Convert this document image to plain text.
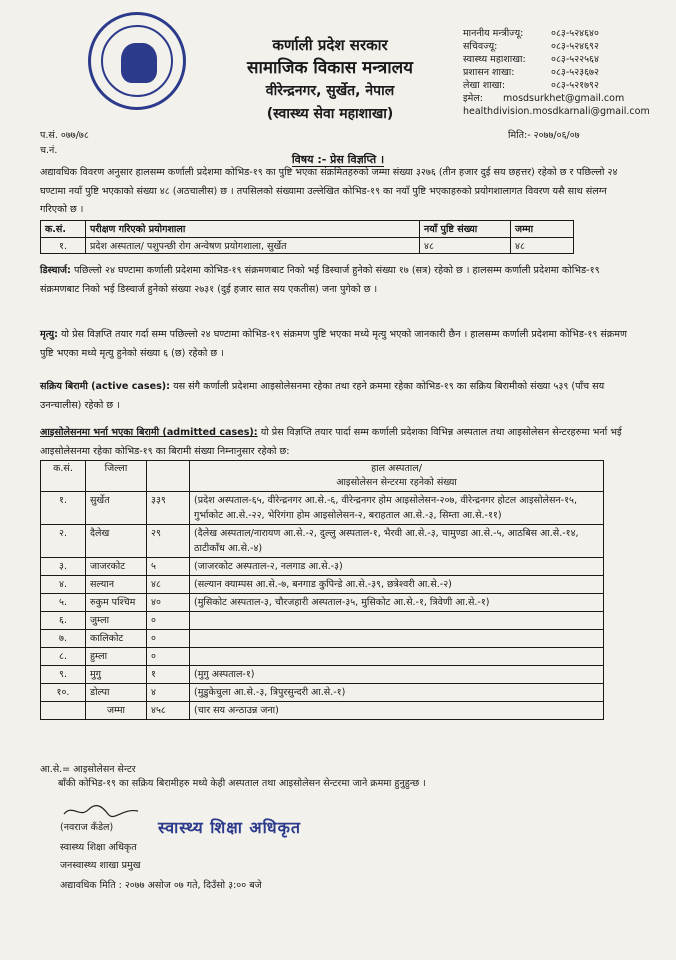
कर्णाली प्रदेश सरकार
सामाजिक विकास मन्त्रालय
वीरेन्द्रनगर, सुर्खेत, नेपाल
(स्वास्थ्य सेवा महाशाखा)
माननीय मन्त्रीज्यू:	०८३-५२४६४०
सचिवज्यू:	०८३-५२४६९२
स्वास्थ्य महाशाखा:	०८३-५२२५६४
प्रशासन शाखा:	०८३-५२३६७२
लेखा शाखा:	०८३-५२१७९२
इमेल:	mosdsurkhet@gmail.com
healthdivision.mosdkarnali@gmail.com
प.सं. ०७७/७८
च.नं.
मिति:- २०७७/०६/०७
विषय :- प्रेस विज्ञप्ति ।
अद्यावधिक विवरण अनुसार हालसम्म कर्णाली प्रदेशमा कोभिड-१९ का पुष्टि भएका संक्रमितहरुको जम्मा संख्या ३२७६ (तीन हजार दुई सय छहत्तर) रहेको छ र पछिल्लो २४ घण्टामा नयाँ पुष्टि भएकाको संख्या ४८ (अठचालीस) छ । तपसिलको संख्यामा उल्लेखित कोभिड-१९ का नयाँ पुष्टि भएकाहरुको प्रयोगशालागत विवरण यसै साथ संलग्न गरिएको छ ।
क.सं.	परीक्षण गरिएको प्रयोगशाला	नयाँ पुष्टि संख्या	जम्मा
१.	प्रदेश अस्पताल/ पशुपन्छी रोग अन्वेषण प्रयोगशाला, सुर्खेत	४८	४८
डिस्चार्ज: पछिल्लो २४ घण्टामा कर्णाली प्रदेशमा कोभिड-१९ संक्रमणबाट निको भई डिस्चार्ज हुनेको संख्या १७ (सत्र) रहेको छ । हालसम्म कर्णाली प्रदेशमा कोभिड-१९ संक्रमणबाट निको भई डिस्चार्ज हुनेको संख्या २७३१ (दुई हजार सात सय एकतीस) जना पुगेको छ ।
मृत्यु: यो प्रेस विज्ञप्ति तयार गर्दा सम्म पछिल्लो २४ घण्टामा कोभिड-१९ संक्रमण पुष्टि भएका मध्ये मृत्यु भएको जानकारी छैन । हालसम्म कर्णाली प्रदेशमा कोभिड-१९ संक्रमण पुष्टि भएका मध्ये मृत्यु हुनेको संख्या ६ (छ) रहेको छ ।
सक्रिय बिरामी (active cases): यस संगै कर्णाली प्रदेशमा आइसोलेसनमा रहेका तथा रहने क्रममा रहेका कोभिड-१९ का सक्रिय बिरामीको संख्या ५३९ (पाँच सय उनन्चालीस) रहेको छ ।
आइसोलेसनमा भर्ना भएका बिरामी (admitted cases): यो प्रेस विज्ञप्ति तयार पार्दा सम्म कर्णाली प्रदेशका विभिन्न अस्पताल तथा आइसोलेसन सेन्टरहरुमा भर्ना भई आइसोलेसनमा रहेका कोभिड-१९ का बिरामी संख्या निम्नानुसार रहेको छ:
क.सं.	जिल्ला		हाल अस्पताल/
आइसोलेसन सेन्टरमा रहनेको संख्या

१.	सुर्खेत	३३९	(प्रदेश अस्पताल-६५, वीरेन्द्रनगर आ.से.-६, वीरेन्द्रनगर होम आइसोलेसन-२०७, वीरेन्द्रनगर होटल आइसोलेसन-१५, गुर्भाकोट आ.से.-२२, भेरिगंगा होम आइसोलेसन-२, बराहताल आ.से.-३, सिम्ता आ.से.-११)
२.	दैलेख	२९	(दैलेख अस्पताल/नारायण आ.से.-२, दुल्लु अस्पताल-१, भैरवी आ.से.-३, चामुण्डा आ.से.-५, आठबिस आ.से.-१४, ठाटीकाँध आ.से.-४)
३.	जाजरकोट	५	(जाजरकोट अस्पताल-२, नलगाड आ.से.-३)
४.	सल्यान	४८	(सल्यान क्याम्पस आ.से.-७, बनगाड कुपिन्डे आ.से.-३९, छत्रेश्वरी आ.से.-२)
५.	रुकुम पश्चिम	४०	(मुसिकोट अस्पताल-३, चौरजहारी अस्पताल-३५, मुसिकोट आ.से.-१, त्रिवेणी आ.से.-१)
६.	जुम्ला	०	
७.	कालिकोट	०	
८.	हुम्ला	०	
९.	मुगु	१	(मुगु अस्पताल-१)
१०.	डोल्पा	४	(मुडुकेचुला आ.से.-३, त्रिपुरसुन्दरी आ.से.-१)
	जम्मा	४५८	(चार सय अन्ठाउन्न जना)
आ.से.= आइसोलेसन सेन्टर
बाँकी कोभिड-१९ का सक्रिय बिरामीहरु मध्ये केही अस्पताल तथा आइसोलेसन सेन्टरमा जाने क्रममा हुनुहुन्छ ।
(नवराज कँडेल)	स्वास्थ्य शिक्षा अधिकृत
स्वास्थ्य शिक्षा अधिकृत
जनस्वास्थ्य शाखा प्रमुख
अद्यावधिक मिति : २०७७ असोज ०७ गते, दिउँसो ३:०० बजे
